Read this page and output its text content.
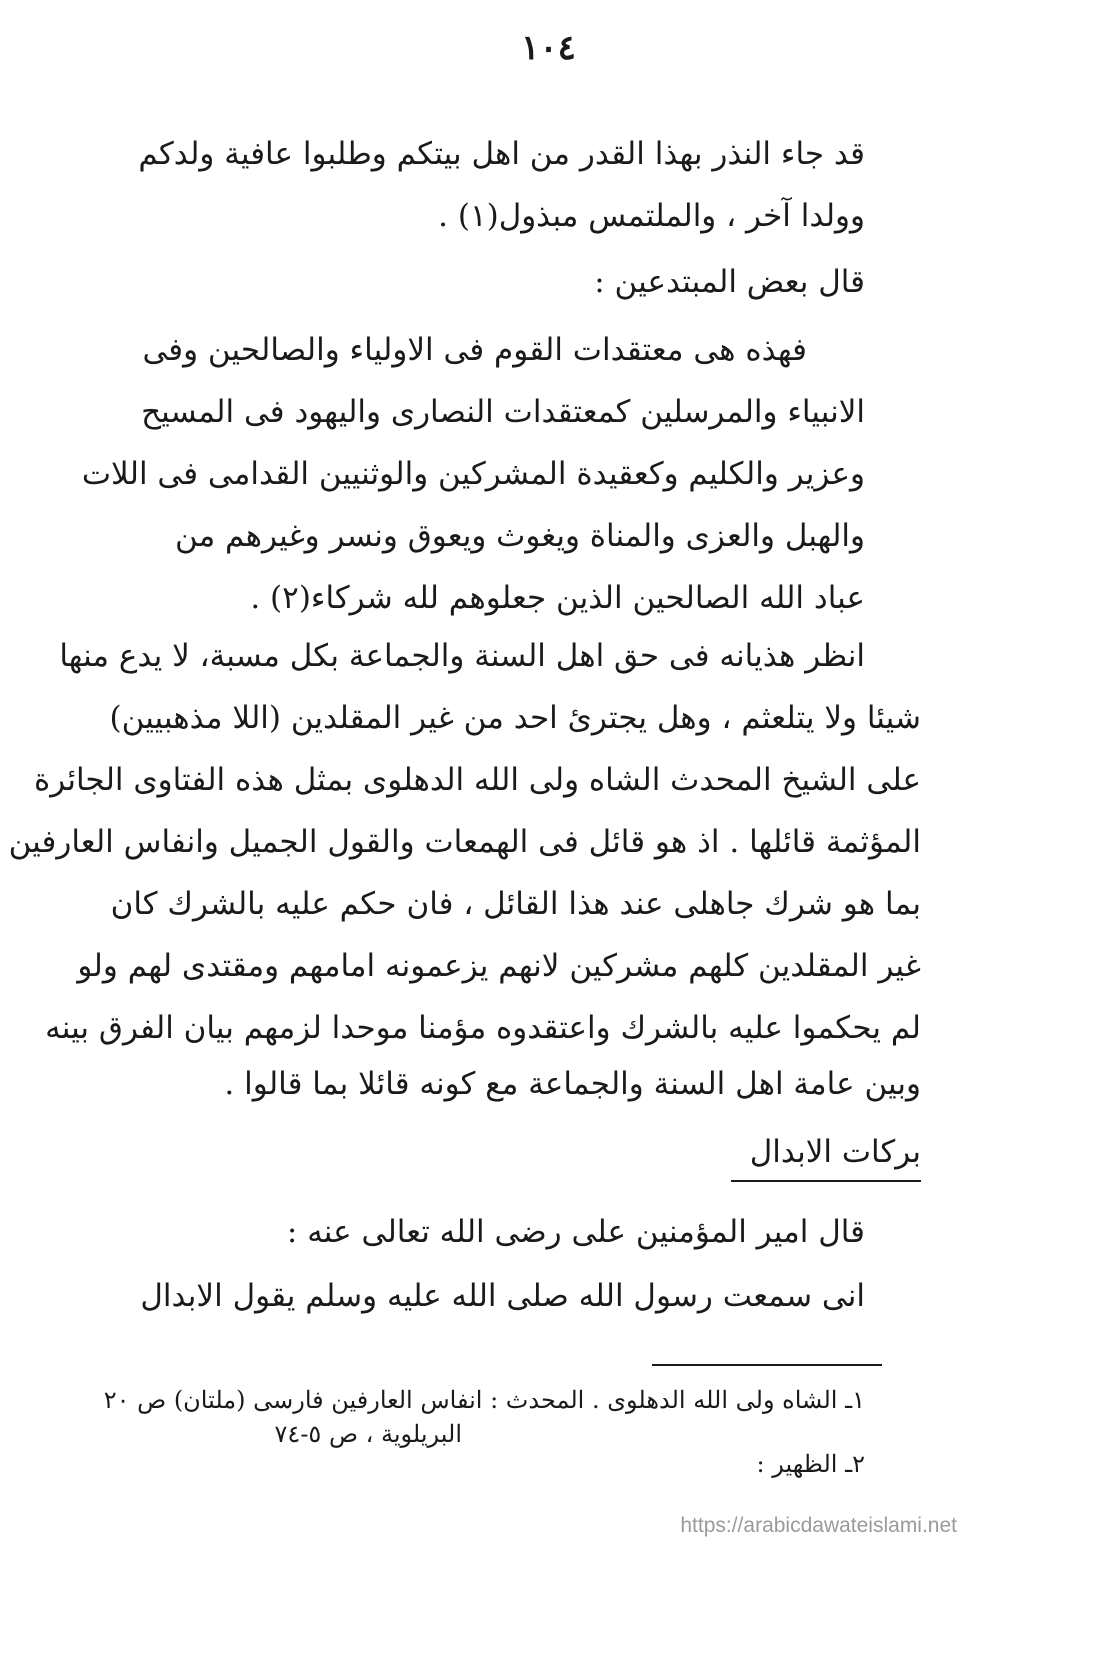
١٠٤
قد جاء النذر بهذا القدر من اهل بيتكم وطلبوا عافية ولدكم
وولدا آخر ، والملتمس مبذول(١) .
قال بعض المبتدعين :
فهذه هى معتقدات القوم فى الاولياء والصالحين وفى
الانبياء والمرسلين كمعتقدات النصارى واليهود فى المسيح
وعزير والكليم وكعقيدة المشركين والوثنيين القدامى فى اللات
والهبل والعزى والمناة ويغوث ويعوق ونسر وغيرهم من
عباد الله الصالحين الذين جعلوهم لله شركاء(٢) .
انظر هذيانه فى حق اهل السنة والجماعة بكل مسبة، لا يدع منها
شيئا ولا يتلعثم ، وهل يجترئ احد من غير المقلدين (اللا مذهبيين)
على الشيخ المحدث الشاه ولى الله الدهلوى بمثل هذه الفتاوى الجائرة
المؤثمة قائلها . اذ هو قائل فى الهمعات والقول الجميل وانفاس العارفين
بما هو شرك جاهلى عند هذا القائل ، فان حكم عليه بالشرك كان
غير المقلدين كلهم مشركين لانهم يزعمونه امامهم ومقتدى لهم ولو
لم يحكموا عليه بالشرك واعتقدوه مؤمنا موحدا لزمهم بيان الفرق بينه
وبين عامة اهل السنة والجماعة مع كونه قائلا بما قالوا .
بركات الابدال
قال امير المؤمنين على رضى الله تعالى عنه :
انى سمعت رسول الله صلى الله عليه وسلم يقول الابدال
١ـ الشاه ولى الله الدهلوى . المحدث : انفاس العارفين فارسى (ملتان) ص ٢٠
٢ـ الظهير :
البريلوية ، ص ٥-٧٤
https://arabicdawateislami.net
